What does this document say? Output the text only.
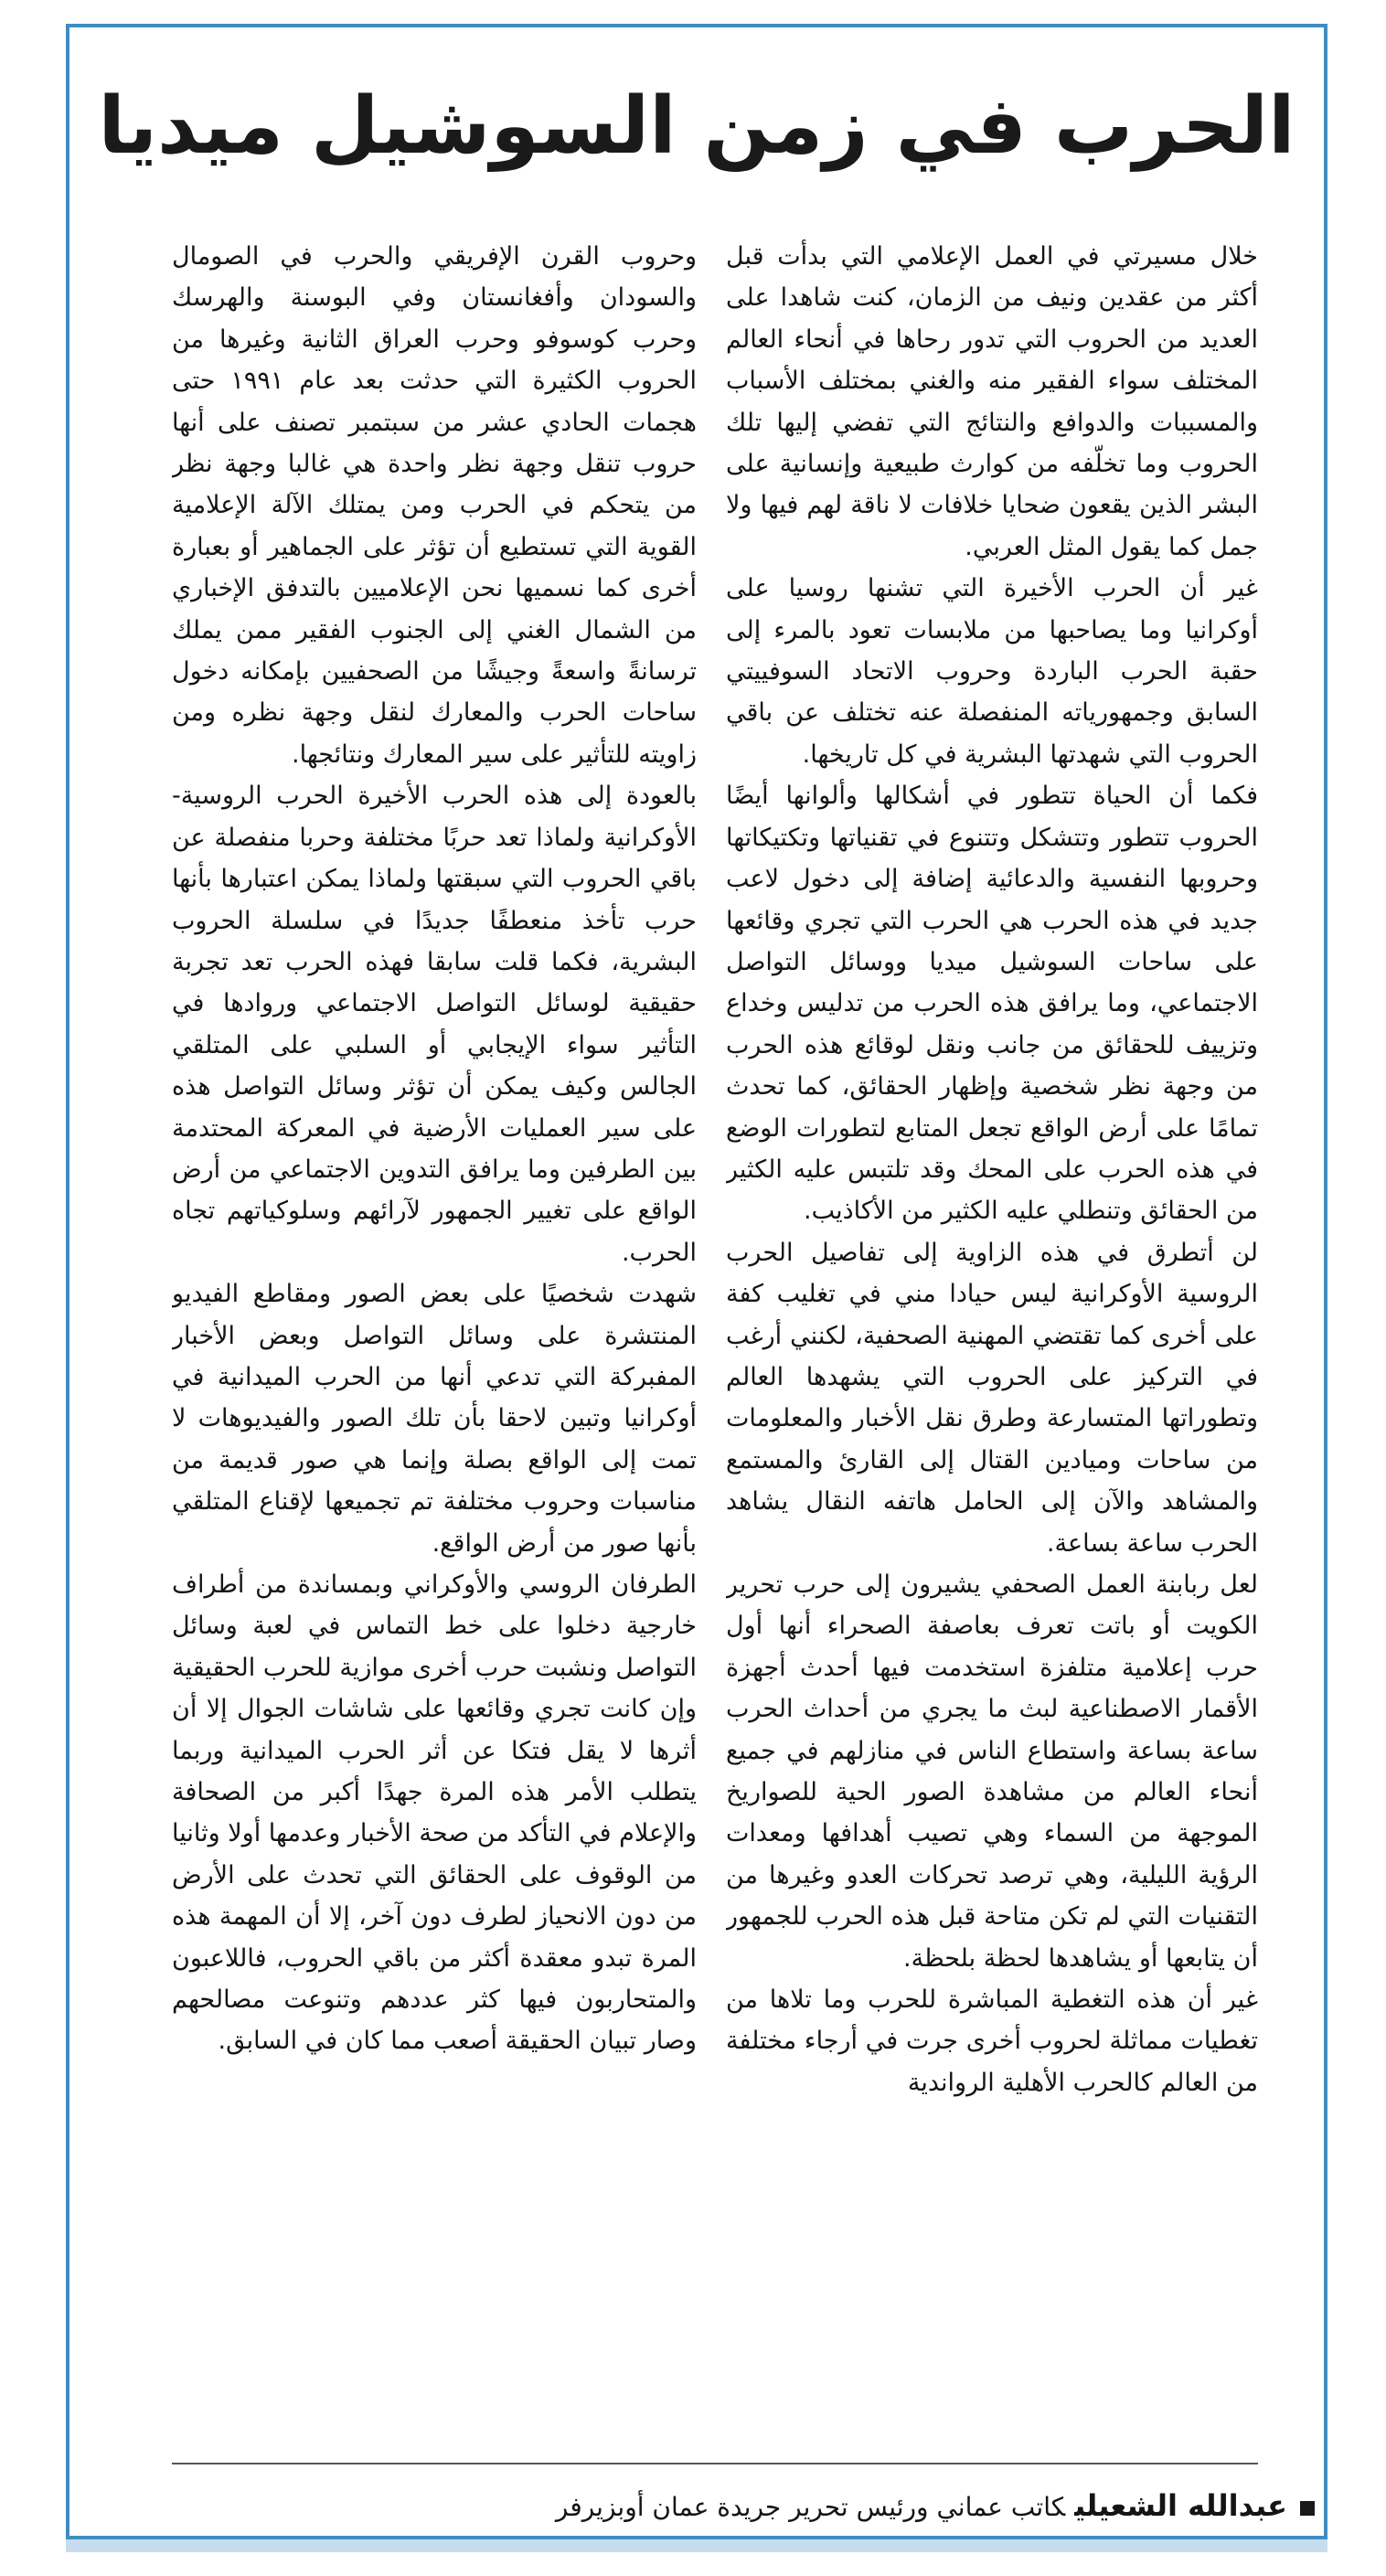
الحرب في زمن السوشيل ميديا

خلال مسيرتي في العمل الإعلامي التي بدأت قبل أكثر من عقدين ونيف من الزمان، كنت شاهدا على العديد من الحروب التي تدور رحاها في أنحاء العالم المختلف سواء الفقير منه والغني بمختلف الأسباب والمسببات والدوافع والنتائج التي تفضي إليها تلك الحروب وما تخلّفه من كوارث طبيعية وإنسانية على البشر الذين يقعون ضحايا خلافات لا ناقة لهم فيها ولا جمل كما يقول المثل العربي.

غير أن الحرب الأخيرة التي تشنها روسيا على أوكرانيا وما يصاحبها من ملابسات تعود بالمرء إلى حقبة الحرب الباردة وحروب الاتحاد السوفييتي السابق وجمهورياته المنفصلة عنه تختلف عن باقي الحروب التي شهدتها البشرية في كل تاريخها.

فكما أن الحياة تتطور في أشكالها وألوانها أيضًا الحروب تتطور وتتشكل وتتنوع في تقنياتها وتكتيكاتها وحروبها النفسية والدعائية إضافة إلى دخول لاعب جديد في هذه الحرب هي الحرب التي تجري وقائعها على ساحات السوشيل ميديا ووسائل التواصل الاجتماعي، وما يرافق هذه الحرب من تدليس وخداع وتزييف للحقائق من جانب ونقل لوقائع هذه الحرب من وجهة نظر شخصية وإظهار الحقائق، كما تحدث تمامًا على أرض الواقع تجعل المتابع لتطورات الوضع في هذه الحرب على المحك وقد تلتبس عليه الكثير من الحقائق وتنطلي عليه الكثير من الأكاذيب.

لن أتطرق في هذه الزاوية إلى تفاصيل الحرب الروسية الأوكرانية ليس حيادا مني في تغليب كفة على أخرى كما تقتضي المهنية الصحفية، لكنني أرغب في التركيز على الحروب التي يشهدها العالم وتطوراتها المتسارعة وطرق نقل الأخبار والمعلومات من ساحات وميادين القتال إلى القارئ والمستمع والمشاهد والآن إلى الحامل هاتفه النقال يشاهد الحرب ساعة بساعة.

لعل ربابنة العمل الصحفي يشيرون إلى حرب تحرير الكويت أو باتت تعرف بعاصفة الصحراء أنها أول حرب إعلامية متلفزة استخدمت فيها أحدث أجهزة الأقمار الاصطناعية لبث ما يجري من أحداث الحرب ساعة بساعة واستطاع الناس في منازلهم في جميع أنحاء العالم من مشاهدة الصور الحية للصواريخ الموجهة من السماء وهي تصيب أهدافها ومعدات الرؤية الليلية، وهي ترصد تحركات العدو وغيرها من التقنيات التي لم تكن متاحة قبل هذه الحرب للجمهور أن يتابعها أو يشاهدها لحظة بلحظة.

غير أن هذه التغطية المباشرة للحرب وما تلاها من تغطيات مماثلة لحروب أخرى جرت في أرجاء مختلفة من العالم كالحرب الأهلية الرواندية

وحروب القرن الإفريقي والحرب في الصومال والسودان وأفغانستان وفي البوسنة والهرسك وحرب كوسوفو وحرب العراق الثانية وغيرها من الحروب الكثيرة التي حدثت بعد عام ١٩٩١ حتى هجمات الحادي عشر من سبتمبر تصنف على أنها حروب تنقل وجهة نظر واحدة هي غالبا وجهة نظر من يتحكم في الحرب ومن يمتلك الآلة الإعلامية القوية التي تستطيع أن تؤثر على الجماهير أو بعبارة أخرى كما نسميها نحن الإعلاميين بالتدفق الإخباري من الشمال الغني إلى الجنوب الفقير ممن يملك ترسانةً واسعةً وجيشًا من الصحفيين بإمكانه دخول ساحات الحرب والمعارك لنقل وجهة نظره ومن زاويته للتأثير على سير المعارك ونتائجها.

بالعودة إلى هذه الحرب الأخيرة الحرب الروسية-الأوكرانية ولماذا تعد حربًا مختلفة وحربا منفصلة عن باقي الحروب التي سبقتها ولماذا يمكن اعتبارها بأنها حرب تأخذ منعطفًا جديدًا في سلسلة الحروب البشرية، فكما قلت سابقا فهذه الحرب تعد تجربة حقيقية لوسائل التواصل الاجتماعي وروادها في التأثير سواء الإيجابي أو السلبي على المتلقي الجالس وكيف يمكن أن تؤثر وسائل التواصل هذه على سير العمليات الأرضية في المعركة المحتدمة بين الطرفين وما يرافق التدوين الاجتماعي من أرض الواقع على تغيير الجمهور لآرائهم وسلوكياتهم تجاه الحرب.

شهدت شخصيًا على بعض الصور ومقاطع الفيديو المنتشرة على وسائل التواصل وبعض الأخبار المفبركة التي تدعي أنها من الحرب الميدانية في أوكرانيا وتبين لاحقا بأن تلك الصور والفيديوهات لا تمت إلى الواقع بصلة وإنما هي صور قديمة من مناسبات وحروب مختلفة تم تجميعها لإقناع المتلقي بأنها صور من أرض الواقع.

الطرفان الروسي والأوكراني وبمساندة من أطراف خارجية دخلوا على خط التماس في لعبة وسائل التواصل ونشبت حرب أخرى موازية للحرب الحقيقية وإن كانت تجري وقائعها على شاشات الجوال إلا أن أثرها لا يقل فتكا عن أثر الحرب الميدانية وربما يتطلب الأمر هذه المرة جهدًا أكبر من الصحافة والإعلام في التأكد من صحة الأخبار وعدمها أولا وثانيا من الوقوف على الحقائق التي تحدث على الأرض من دون الانحياز لطرف دون آخر، إلا أن المهمة هذه المرة تبدو معقدة أكثر من باقي الحروب، فاللاعبون والمتحاربون فيها كثر عددهم وتنوعت مصالحهم وصار تبيان الحقيقة أصعب مما كان في السابق.

عبدالله الشعيليكاتب عماني ورئيس تحرير جريدة عمان أوبزيرفر
